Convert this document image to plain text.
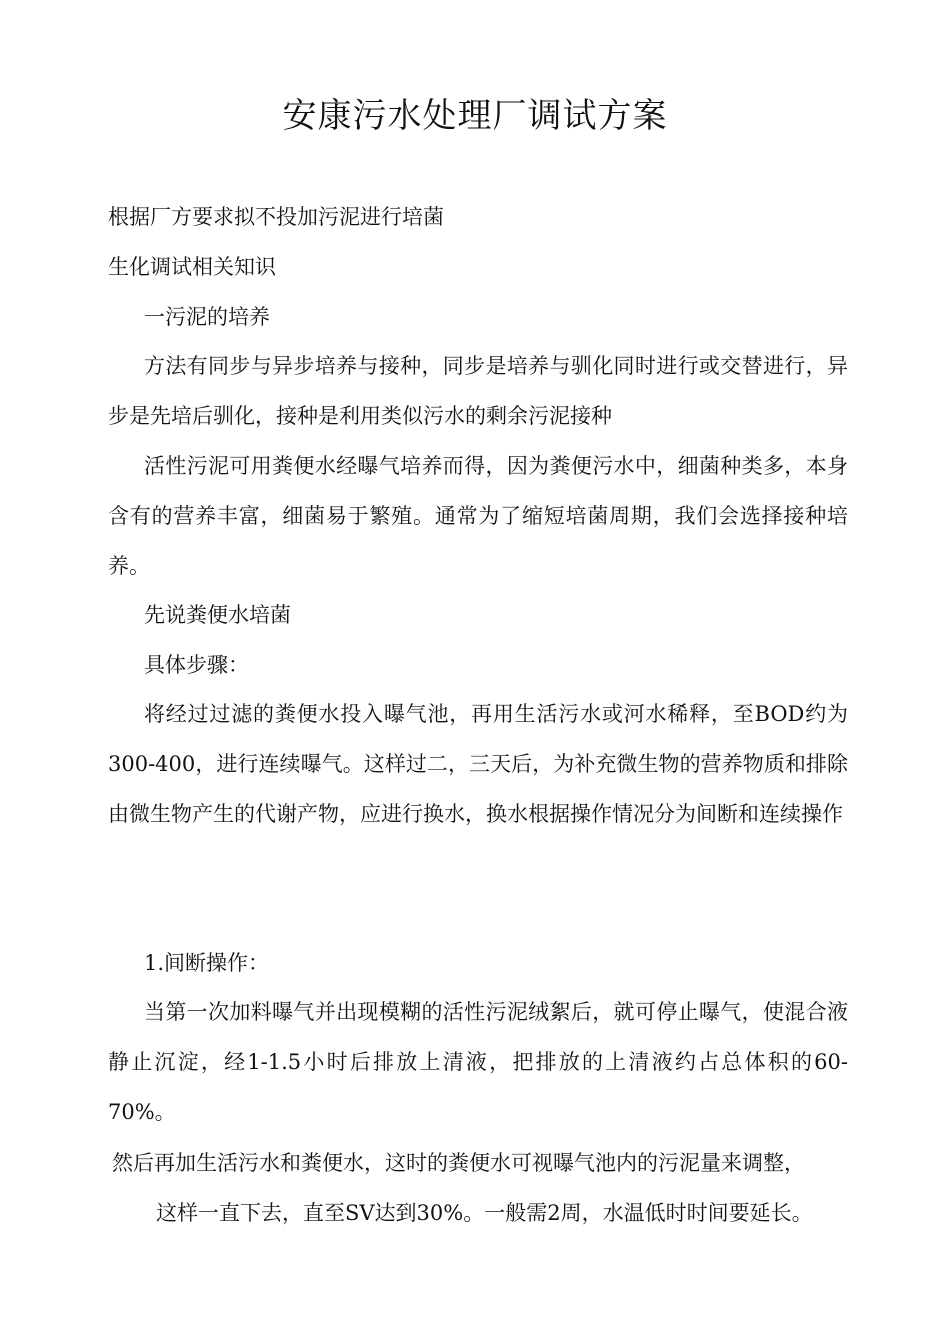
安康污水处理厂调试方案
根据厂方要求拟不投加污泥进行培菌
生化调试相关知识
一污泥的培养
方法有同步与异步培养与接种，同步是培养与驯化同时进行或交替进行，异步是先培后驯化，接种是利用类似污水的剩余污泥接种
活性污泥可用粪便水经曝气培养而得，因为粪便污水中，细菌种类多，本身含有的营养丰富，细菌易于繁殖。通常为了缩短培菌周期，我们会选择接种培养。
先说粪便水培菌
具体步骤：
将经过过滤的粪便水投入曝气池，再用生活污水或河水稀释，至BOD约为300-400，进行连续曝气。这样过二，三天后，为补充微生物的营养物质和排除由微生物产生的代谢产物，应进行换水，换水根据操作情况分为间断和连续操作
1.间断操作：
当第一次加料曝气并出现模糊的活性污泥绒絮后，就可停止曝气，使混合液静止沉淀，经1-1.5小时后排放上清液，把排放的上清液约占总体积的60-70%。
然后再加生活污水和粪便水，这时的粪便水可视曝气池内的污泥量来调整，
这样一直下去，直至SV达到30%。一般需2周，水温低时时间要延长。
